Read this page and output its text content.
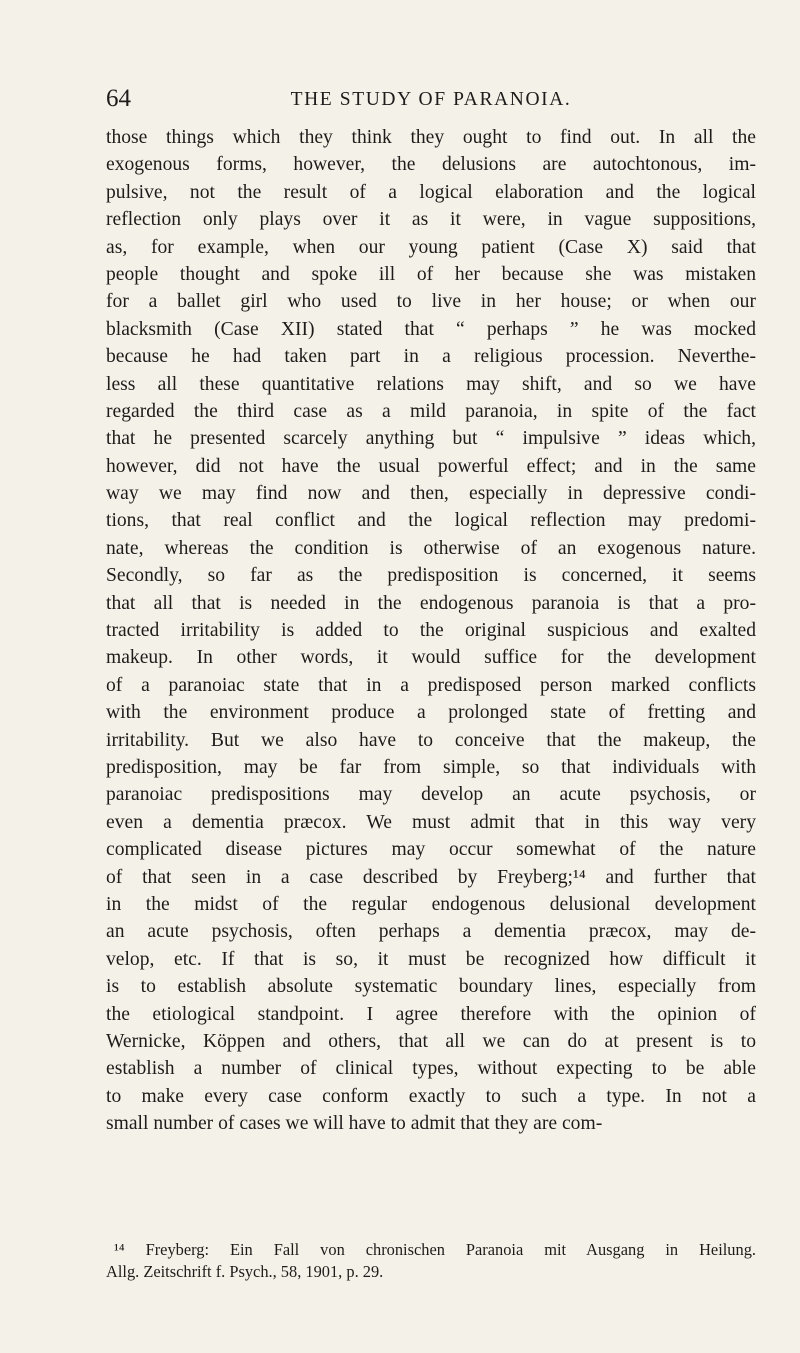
64	THE STUDY OF PARANOIA.
those things which they think they ought to find out. In all the
exogenous forms, however, the delusions are autochtonous, im-
pulsive, not the result of a logical elaboration and the logical
reflection only plays over it as it were, in vague suppositions,
as, for example, when our young patient (Case X) said that
people thought and spoke ill of her because she was mistaken
for a ballet girl who used to live in her house; or when our
blacksmith (Case XII) stated that “ perhaps ” he was mocked
because he had taken part in a religious procession. Neverthe-
less all these quantitative relations may shift, and so we have
regarded the third case as a mild paranoia, in spite of the fact
that he presented scarcely anything but “ impulsive ” ideas which,
however, did not have the usual powerful effect; and in the same
way we may find now and then, especially in depressive condi-
tions, that real conflict and the logical reflection may predomi-
nate, whereas the condition is otherwise of an exogenous nature.
Secondly, so far as the predisposition is concerned, it seems
that all that is needed in the endogenous paranoia is that a pro-
tracted irritability is added to the original suspicious and exalted
makeup. In other words, it would suffice for the development
of a paranoiac state that in a predisposed person marked conflicts
with the environment produce a prolonged state of fretting and
irritability. But we also have to conceive that the makeup, the
predisposition, may be far from simple, so that individuals with
paranoiac predispositions may develop an acute psychosis, or
even a dementia præcox. We must admit that in this way very
complicated disease pictures may occur somewhat of the nature
of that seen in a case described by Freyberg;¹⁴ and further that
in the midst of the regular endogenous delusional development
an acute psychosis, often perhaps a dementia præcox, may de-
velop, etc. If that is so, it must be recognized how difficult it
is to establish absolute systematic boundary lines, especially from
the etiological standpoint. I agree therefore with the opinion of
Wernicke, Köppen and others, that all we can do at present is to
establish a number of clinical types, without expecting to be able
to make every case conform exactly to such a type. In not a
small number of cases we will have to admit that they are com-
¹⁴ Freyberg: Ein Fall von chronischen Paranoia mit Ausgang in Heilung.
Allg. Zeitschrift f. Psych., 58, 1901, p. 29.
